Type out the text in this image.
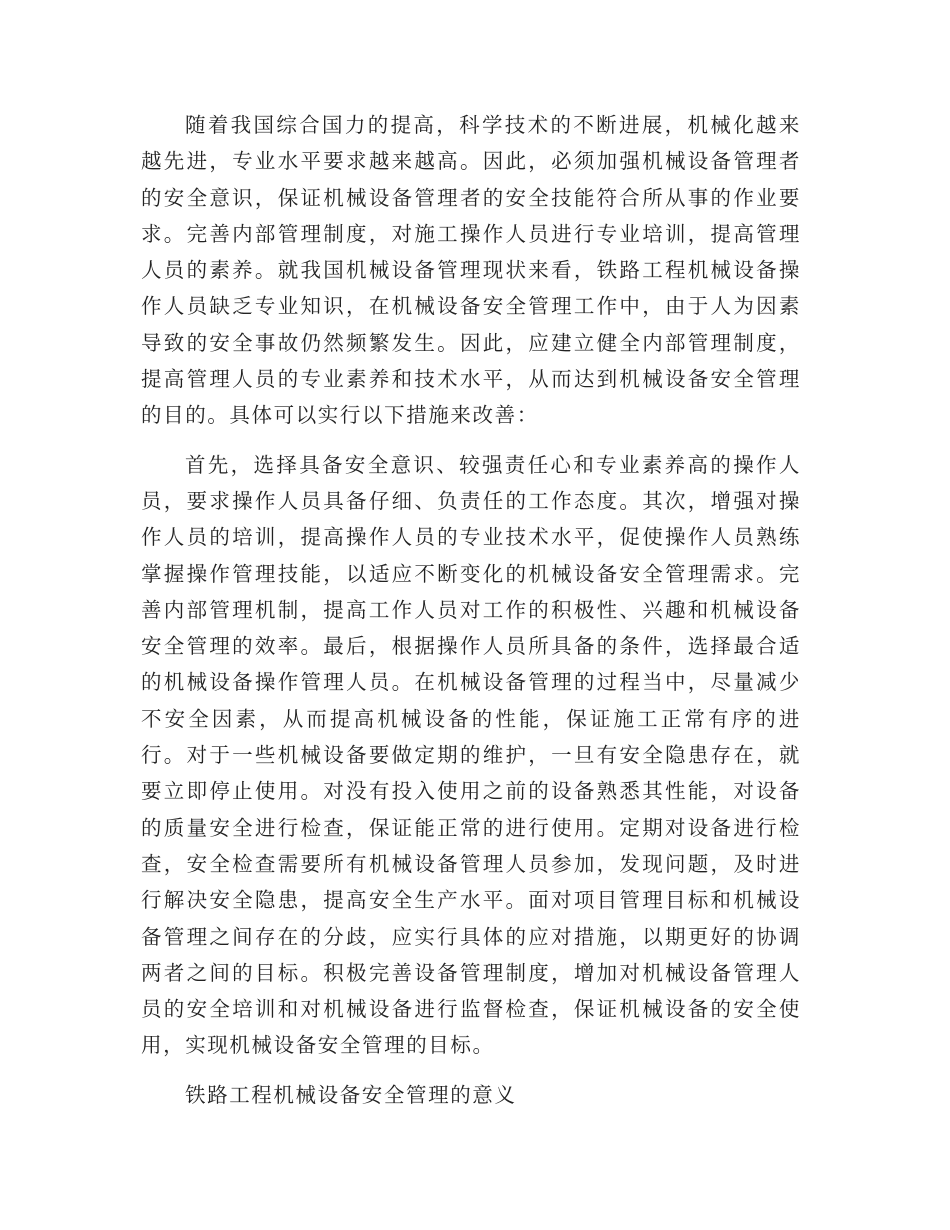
随着我国综合国力的提高，科学技术的不断进展，机械化越来越先进，专业水平要求越来越高。因此，必须加强机械设备管理者的安全意识，保证机械设备管理者的安全技能符合所从事的作业要求。完善内部管理制度，对施工操作人员进行专业培训，提高管理人员的素养。就我国机械设备管理现状来看，铁路工程机械设备操作人员缺乏专业知识，在机械设备安全管理工作中，由于人为因素导致的安全事故仍然频繁发生。因此，应建立健全内部管理制度，提高管理人员的专业素养和技术水平，从而达到机械设备安全管理的目的。具体可以实行以下措施来改善：

首先，选择具备安全意识、较强责任心和专业素养高的操作人员，要求操作人员具备仔细、负责任的工作态度。其次，增强对操作人员的培训，提高操作人员的专业技术水平，促使操作人员熟练掌握操作管理技能，以适应不断变化的机械设备安全管理需求。完善内部管理机制，提高工作人员对工作的积极性、兴趣和机械设备安全管理的效率。最后，根据操作人员所具备的条件，选择最合适的机械设备操作管理人员。在机械设备管理的过程当中，尽量减少不安全因素，从而提高机械设备的性能，保证施工正常有序的进行。对于一些机械设备要做定期的维护，一旦有安全隐患存在，就要立即停止使用。对没有投入使用之前的设备熟悉其性能，对设备的质量安全进行检查，保证能正常的进行使用。定期对设备进行检查，安全检查需要所有机械设备管理人员参加，发现问题，及时进行解决安全隐患，提高安全生产水平。面对项目管理目标和机械设备管理之间存在的分歧，应实行具体的应对措施，以期更好的协调两者之间的目标。积极完善设备管理制度，增加对机械设备管理人员的安全培训和对机械设备进行监督检查，保证机械设备的安全使用，实现机械设备安全管理的目标。

铁路工程机械设备安全管理的意义
